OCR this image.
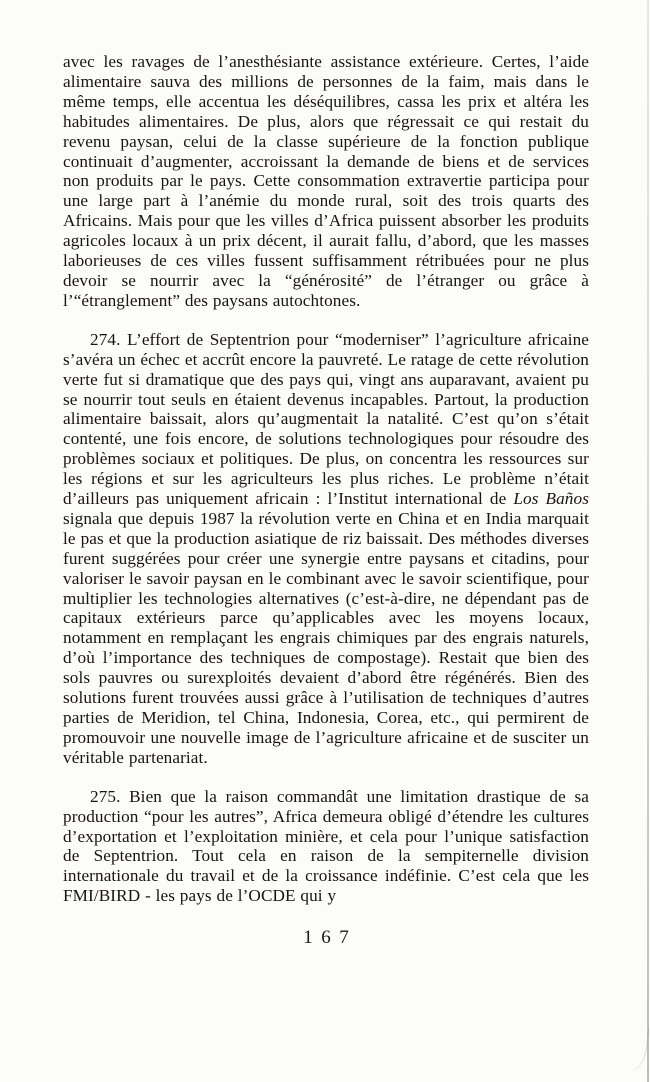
avec les ravages de l’anesthésiante assistance extérieure. Certes, l’aide alimentaire sauva des millions de personnes de la faim, mais dans le même temps, elle accentua les déséquilibres, cassa les prix et altéra les habitudes alimentaires. De plus, alors que régressait ce qui restait du revenu paysan, celui de la classe supérieure de la fonction publique continuait d’augmenter, accroissant la demande de biens et de services non produits par le pays. Cette consommation extravertie participa pour une large part à l’anémie du monde rural, soit des trois quarts des Africains. Mais pour que les villes d’Africa puissent absorber les produits agricoles locaux à un prix décent, il aurait fallu, d’abord, que les masses laborieuses de ces villes fussent suffisamment rétribuées pour ne plus devoir se nourrir avec la “générosité” de l’étranger ou grâce à l’“étranglement” des paysans autochtones.

274. L’effort de Septentrion pour “moderniser” l’agriculture africaine s’avéra un échec et accrût encore la pauvreté. Le ratage de cette révolution verte fut si dramatique que des pays qui, vingt ans auparavant, avaient pu se nourrir tout seuls en étaient devenus incapables. Partout, la production alimentaire baissait, alors qu’augmentait la natalité. C’est qu’on s’était contenté, une fois encore, de solutions technologiques pour résoudre des problèmes sociaux et politiques. De plus, on concentra les ressources sur les régions et sur les agriculteurs les plus riches. Le problème n’était d’ailleurs pas uniquement africain : l’Institut international de Los Baños signala que depuis 1987 la révolution verte en China et en India marquait le pas et que la production asiatique de riz baissait. Des méthodes diverses furent suggérées pour créer une synergie entre paysans et citadins, pour valoriser le savoir paysan en le combinant avec le savoir scientifique, pour multiplier les technologies alternatives (c’est-à-dire, ne dépendant pas de capitaux extérieurs parce qu’applicables avec les moyens locaux, notamment en remplaçant les engrais chimiques par des engrais naturels, d’où l’importance des techniques de compostage). Restait que bien des sols pauvres ou surexploités devaient d’abord être régénérés. Bien des solutions furent trouvées aussi grâce à l’utilisation de techniques d’autres parties de Meridion, tel China, Indonesia, Corea, etc., qui permirent de promouvoir une nouvelle image de l’agriculture africaine et de susciter un véritable partenariat.

275. Bien que la raison commandât une limitation drastique de sa production “pour les autres”, Africa demeura obligé d’étendre les cultures d’exportation et l’exploitation minière, et cela pour l’unique satisfaction de Septentrion. Tout cela en raison de la sempiternelle division internationale du travail et de la croissance indéfinie. C’est cela que les FMI/BIRD - les pays de l’OCDE qui y

167
